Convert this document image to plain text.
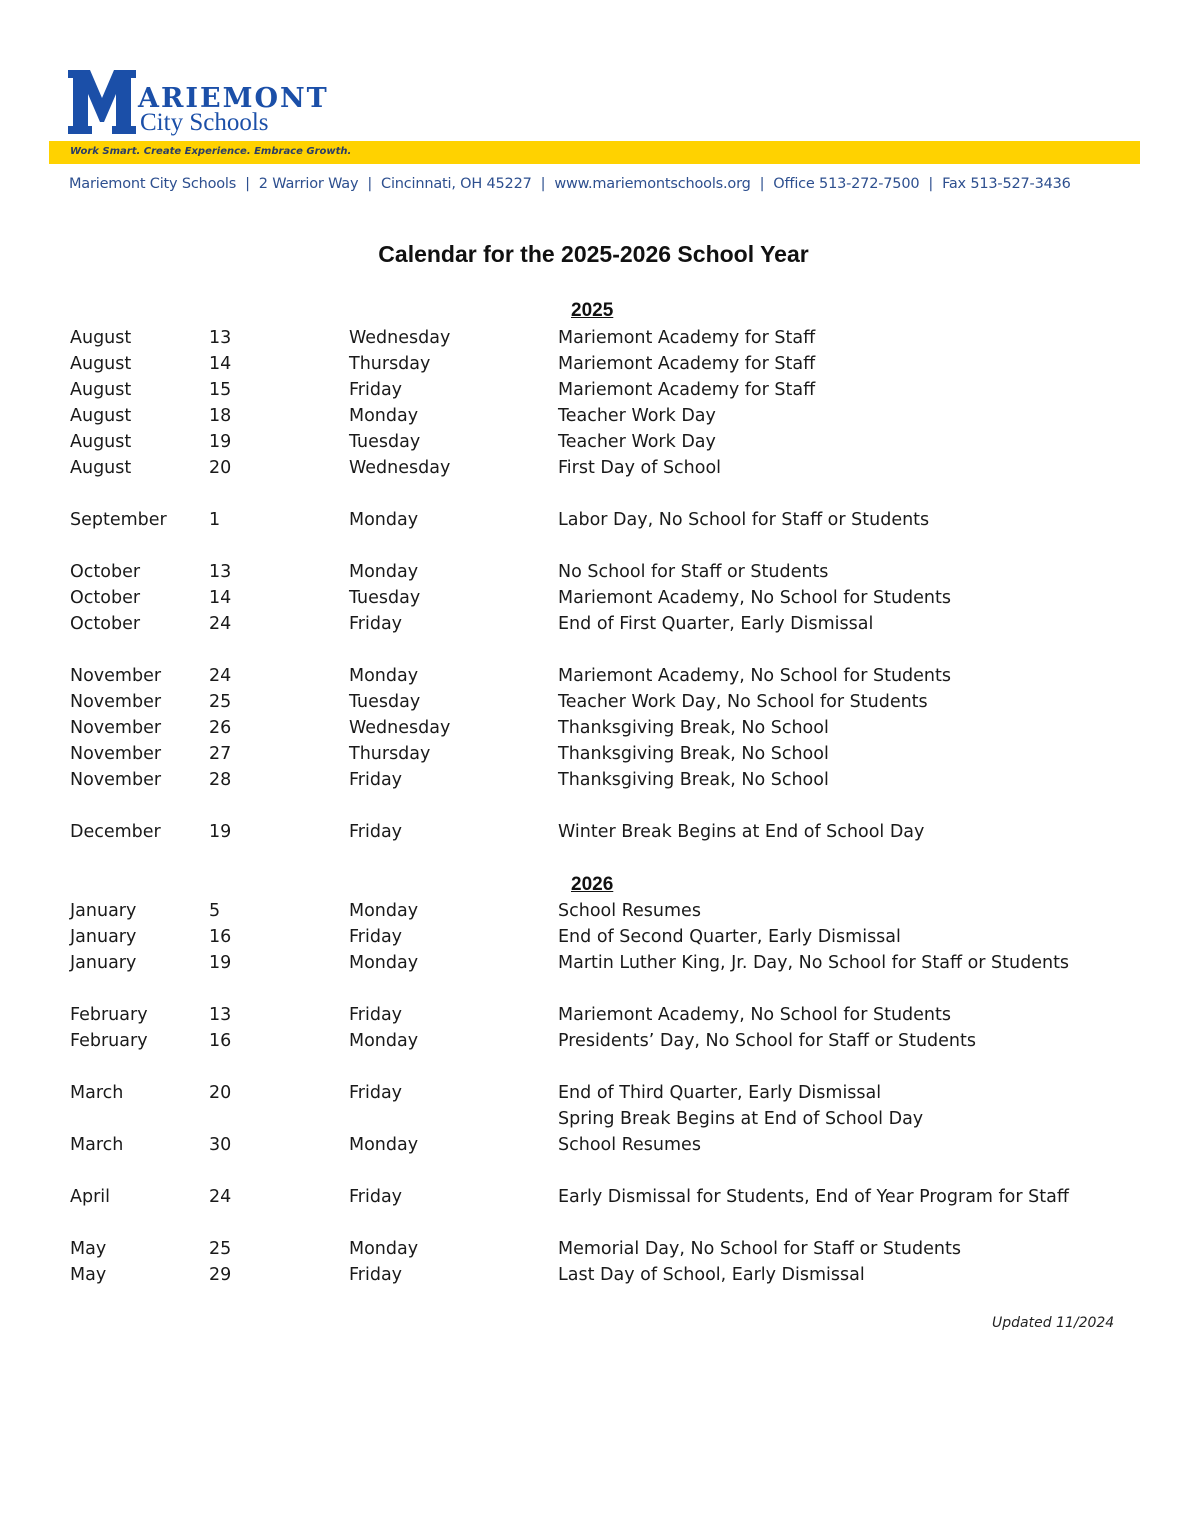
ARIEMONT
City Schools
Work Smart. Create Experience. Embrace Growth.
Mariemont City Schools | 2 Warrior Way | Cincinnati, OH 45227 | www.mariemontschools.org | Office 513-272-7500 | Fax 513-527-3436
Calendar for the 2025-2026 School Year
2025
2026
August	13	Wednesday	Mariemont Academy for Staff
August	14	Thursday	Mariemont Academy for Staff
August	15	Friday	Mariemont Academy for Staff
August	18	Monday	Teacher Work Day
August	19	Tuesday	Teacher Work Day
August	20	Wednesday	First Day of School
September 1	Monday	Labor Day, No School for Staff or Students
October	13	Monday	No School for Staff or Students
October	14	Tuesday	Mariemont Academy, No School for Students
October	24	Friday	End of First Quarter, Early Dismissal
November	24	Monday	Mariemont Academy, No School for Students
November	25	Tuesday	Teacher Work Day, No School for Students
November	26	Wednesday	Thanksgiving Break, No School
November	27	Thursday	Thanksgiving Break, No School
November	28	Friday	Thanksgiving Break, No School
December	19	Friday	Winter Break Begins at End of School Day
January	5	Monday	School Resumes
January	16	Friday	End of Second Quarter, Early Dismissal
January	19	Monday	Martin Luther King, Jr. Day, No School for Staff or Students
February	13	Friday	Mariemont Academy, No School for Students
February	16	Monday	Presidents’ Day, No School for Staff or Students
March	20	Friday	End of Third Quarter, Early Dismissal
Spring Break Begins at End of School Day
March	30	Monday	School Resumes
April	24	Friday	Early Dismissal for Students, End of Year Program for Staff
May	25	Monday	Memorial Day, No School for Staff or Students
May	29	Friday	Last Day of School, Early Dismissal
Updated 11/2024
